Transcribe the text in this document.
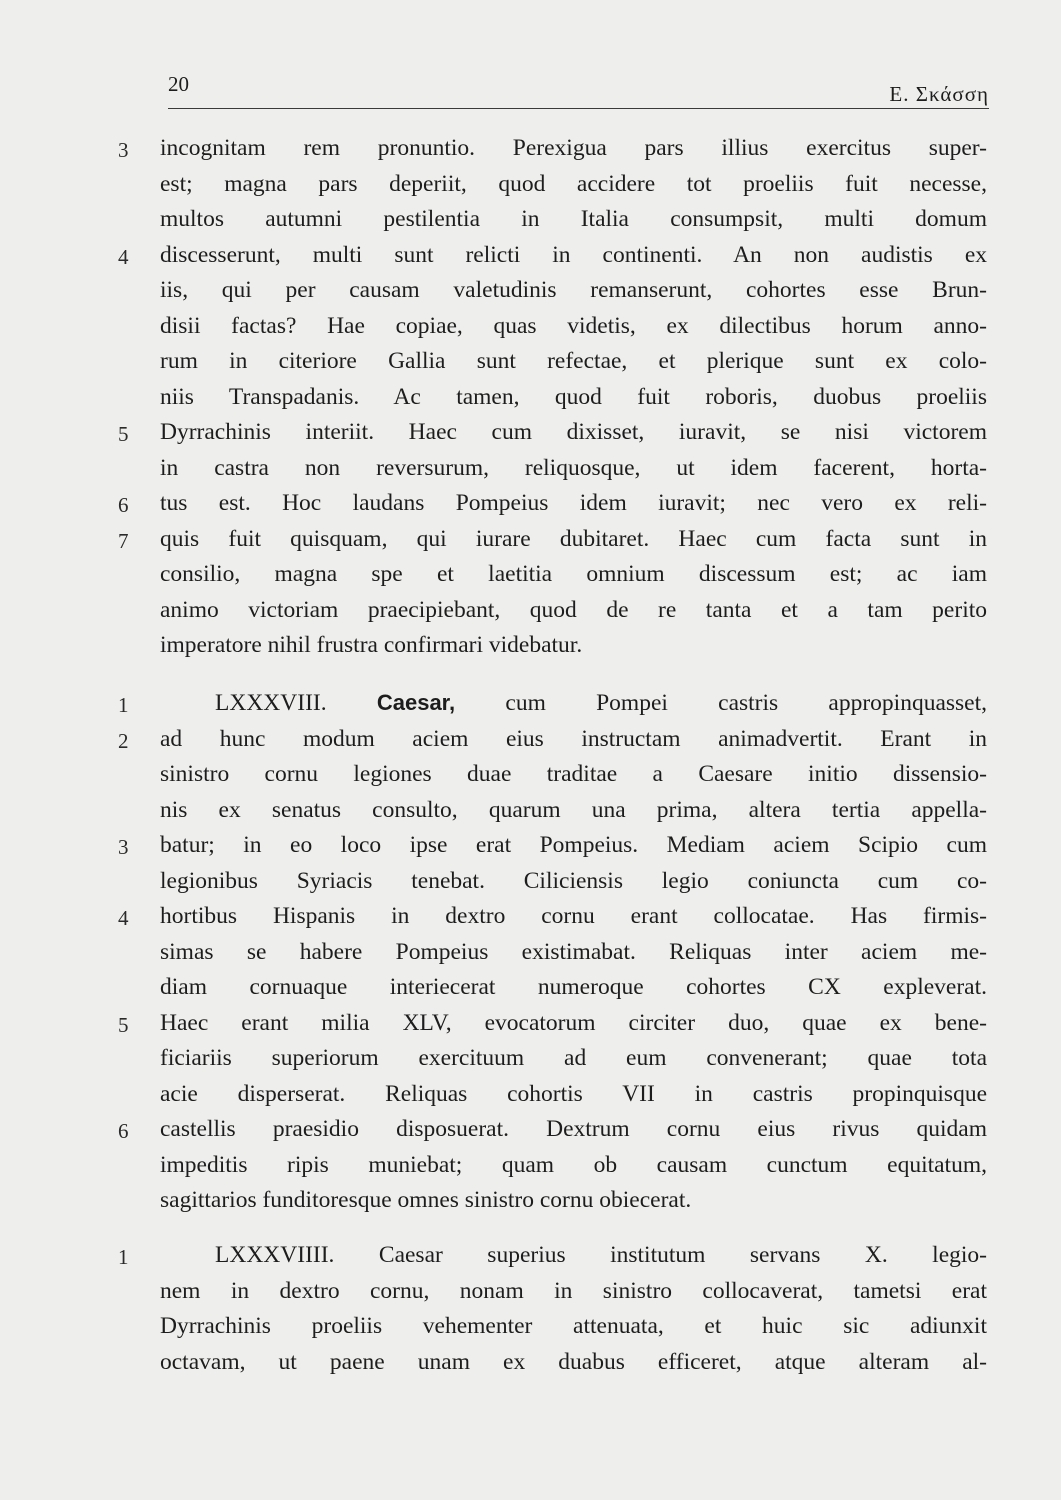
20	E. Σκάσση
3	incognitam rem pronuntio. Perexigua pars illius exercitus super-
est; magna pars deperiit, quod accidere tot proeliis fuit necesse,
multos autumni pestilentia in Italia consumpsit, multi domum
4	discesserunt, multi sunt relicti in continenti. An non audistis ex
iis, qui per causam valetudinis remanserunt, cohortes esse Brun-
disii factas? Hae copiae, quas videtis, ex dilectibus horum anno-
rum in citeriore Gallia sunt refectae, et plerique sunt ex colo-
niis Transpadanis. Ac tamen, quod fuit roboris, duobus proeliis
5	Dyrrachinis interiit. Haec cum dixisset, iuravit, se nisi victorem
in castra non reversurum, reliquosque, ut idem facerent, horta-
6	tus est. Hoc laudans Pompeius idem iuravit; nec vero ex reli-
7	quis fuit quisquam, qui iurare dubitaret. Haec cum facta sunt in
consilio, magna spe et laetitia omnium discessum est; ac iam
animo victoriam praecipiebant, quod de re tanta et a tam perito
imperatore nihil frustra confirmari videbatur.
1	LXXXVIII. Caesar, cum Pompei castris appropinquasset,
2	ad hunc modum aciem eius instructam animadvertit. Erant in
sinistro cornu legiones duae traditae a Caesare initio dissensio-
nis ex senatus consulto, quarum una prima, altera tertia appella-
3	batur; in eo loco ipse erat Pompeius. Mediam aciem Scipio cum
legionibus Syriacis tenebat. Ciliciensis legio coniuncta cum co-
4	hortibus Hispanis in dextro cornu erant collocatae. Has firmis-
simas se habere Pompeius existimabat. Reliquas inter aciem me-
diam cornuaque interiecerat numeroque cohortes CX expleverat.
5	Haec erant milia XLV, evocatorum circiter duo, quae ex bene-
ficiariis superiorum exercituum ad eum convenerant; quae tota
acie disperserat. Reliquas cohortis VII in castris propinquisque
6	castellis praesidio disposuerat. Dextrum cornu eius rivus quidam
impeditis ripis muniebat; quam ob causam cunctum equitatum,
sagittarios funditoresque omnes sinistro cornu obiecerat.
1	LXXXVIIII. Caesar superius institutum servans X. legio-
nem in dextro cornu, nonam in sinistro collocaverat, tametsi erat
Dyrrachinis proeliis vehementer attenuata, et huic sic adiunxit
octavam, ut paene unam ex duabus efficeret, atque alteram al-
